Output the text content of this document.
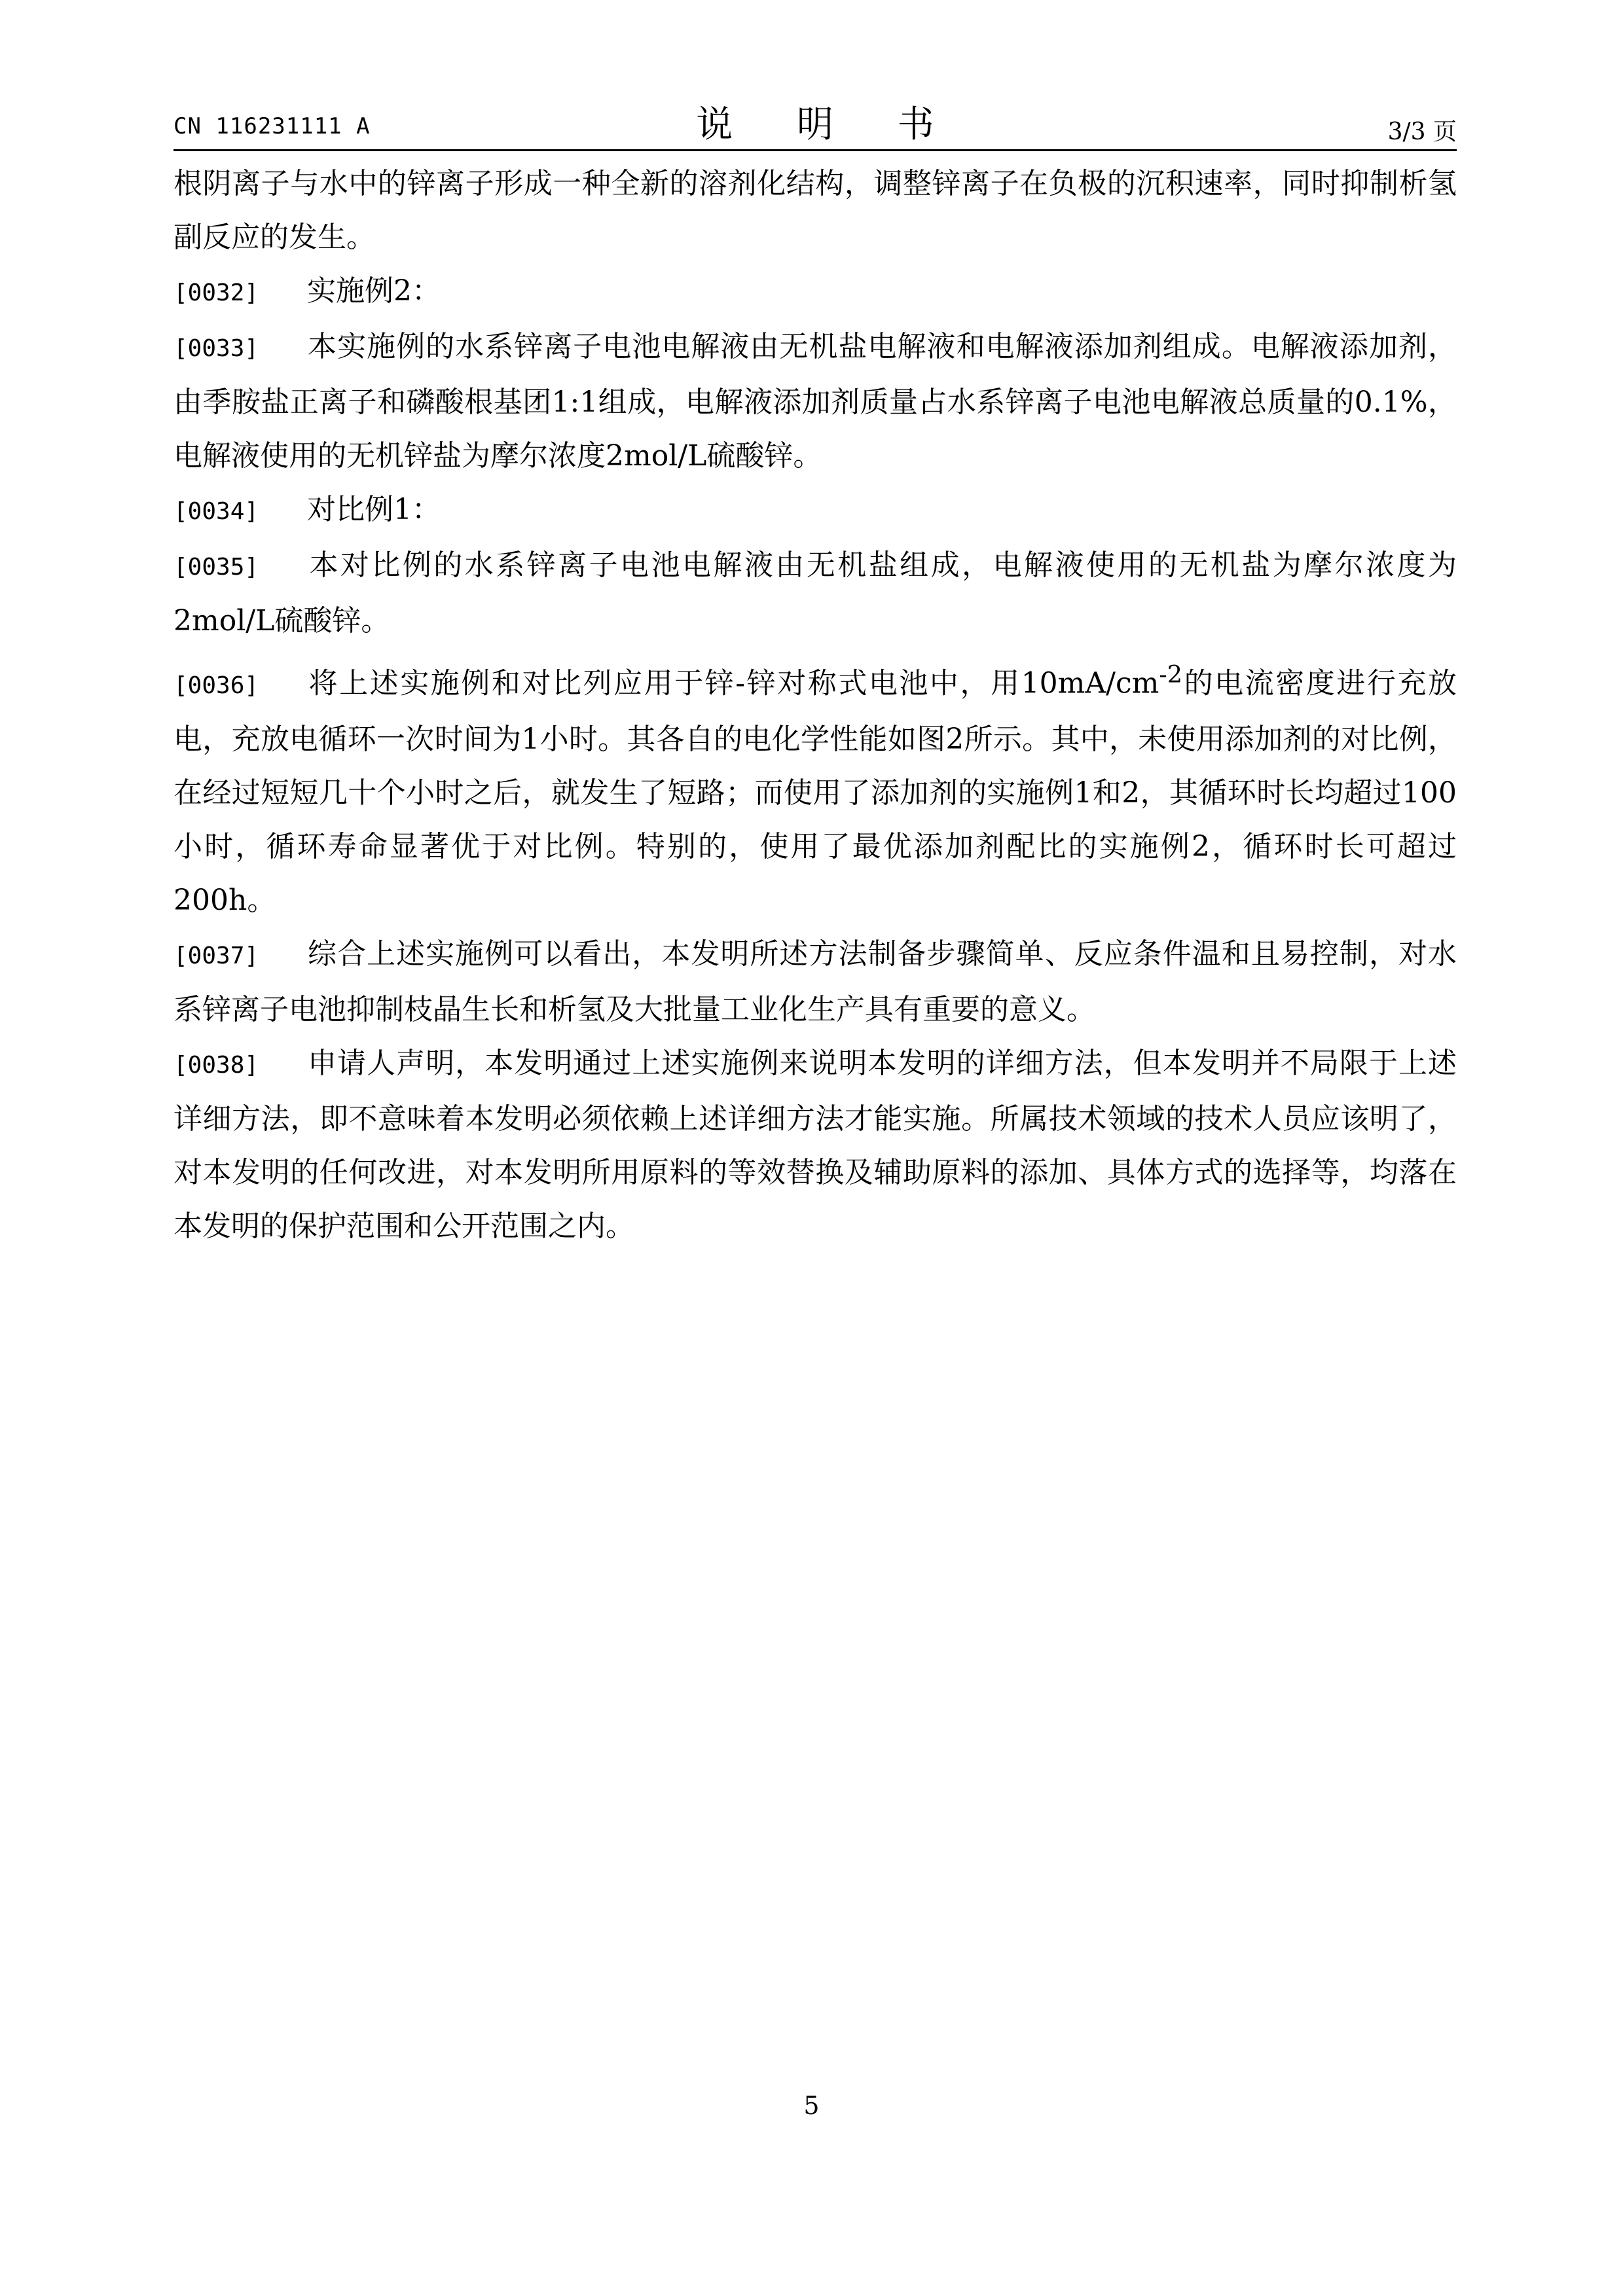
CN 116231111 A	说 明 书	3/3 页

根阴离子与水中的锌离子形成一种全新的溶剂化结构，调整锌离子在负极的沉积速率，同时抑制析氢副反应的发生。

[0032] 实施例2：

[0033] 本实施例的水系锌离子电池电解液由无机盐电解液和电解液添加剂组成。电解液添加剂，由季胺盐正离子和磷酸根基团1:1组成，电解液添加剂质量占水系锌离子电池电解液总质量的0.1%，电解液使用的无机锌盐为摩尔浓度2mol/L硫酸锌。

[0034] 对比例1：

[0035] 本对比例的水系锌离子电池电解液由无机盐组成，电解液使用的无机盐为摩尔浓度为2mol/L硫酸锌。

[0036] 将上述实施例和对比列应用于锌-锌对称式电池中，用$10mA/cm^{-2}$的电流密度进行充放电，充放电循环一次时间为1小时。其各自的电化学性能如图2所示。其中，未使用添加剂的对比例，在经过短短几十个小时之后，就发生了短路；而使用了添加剂的实施例1和2，其循环时长均超过100小时，循环寿命显著优于对比例。特别的，使用了最优添加剂配比的实施例2，循环时长可超过200h。

[0037] 综合上述实施例可以看出，本发明所述方法制备步骤简单、反应条件温和且易控制，对水系锌离子电池抑制枝晶生长和析氢及大批量工业化生产具有重要的意义。

[0038] 申请人声明，本发明通过上述实施例来说明本发明的详细方法，但本发明并不局限于上述详细方法，即不意味着本发明必须依赖上述详细方法才能实施。所属技术领域的技术人员应该明了，对本发明的任何改进，对本发明所用原料的等效替换及辅助原料的添加、具体方式的选择等，均落在本发明的保护范围和公开范围之内。

5
